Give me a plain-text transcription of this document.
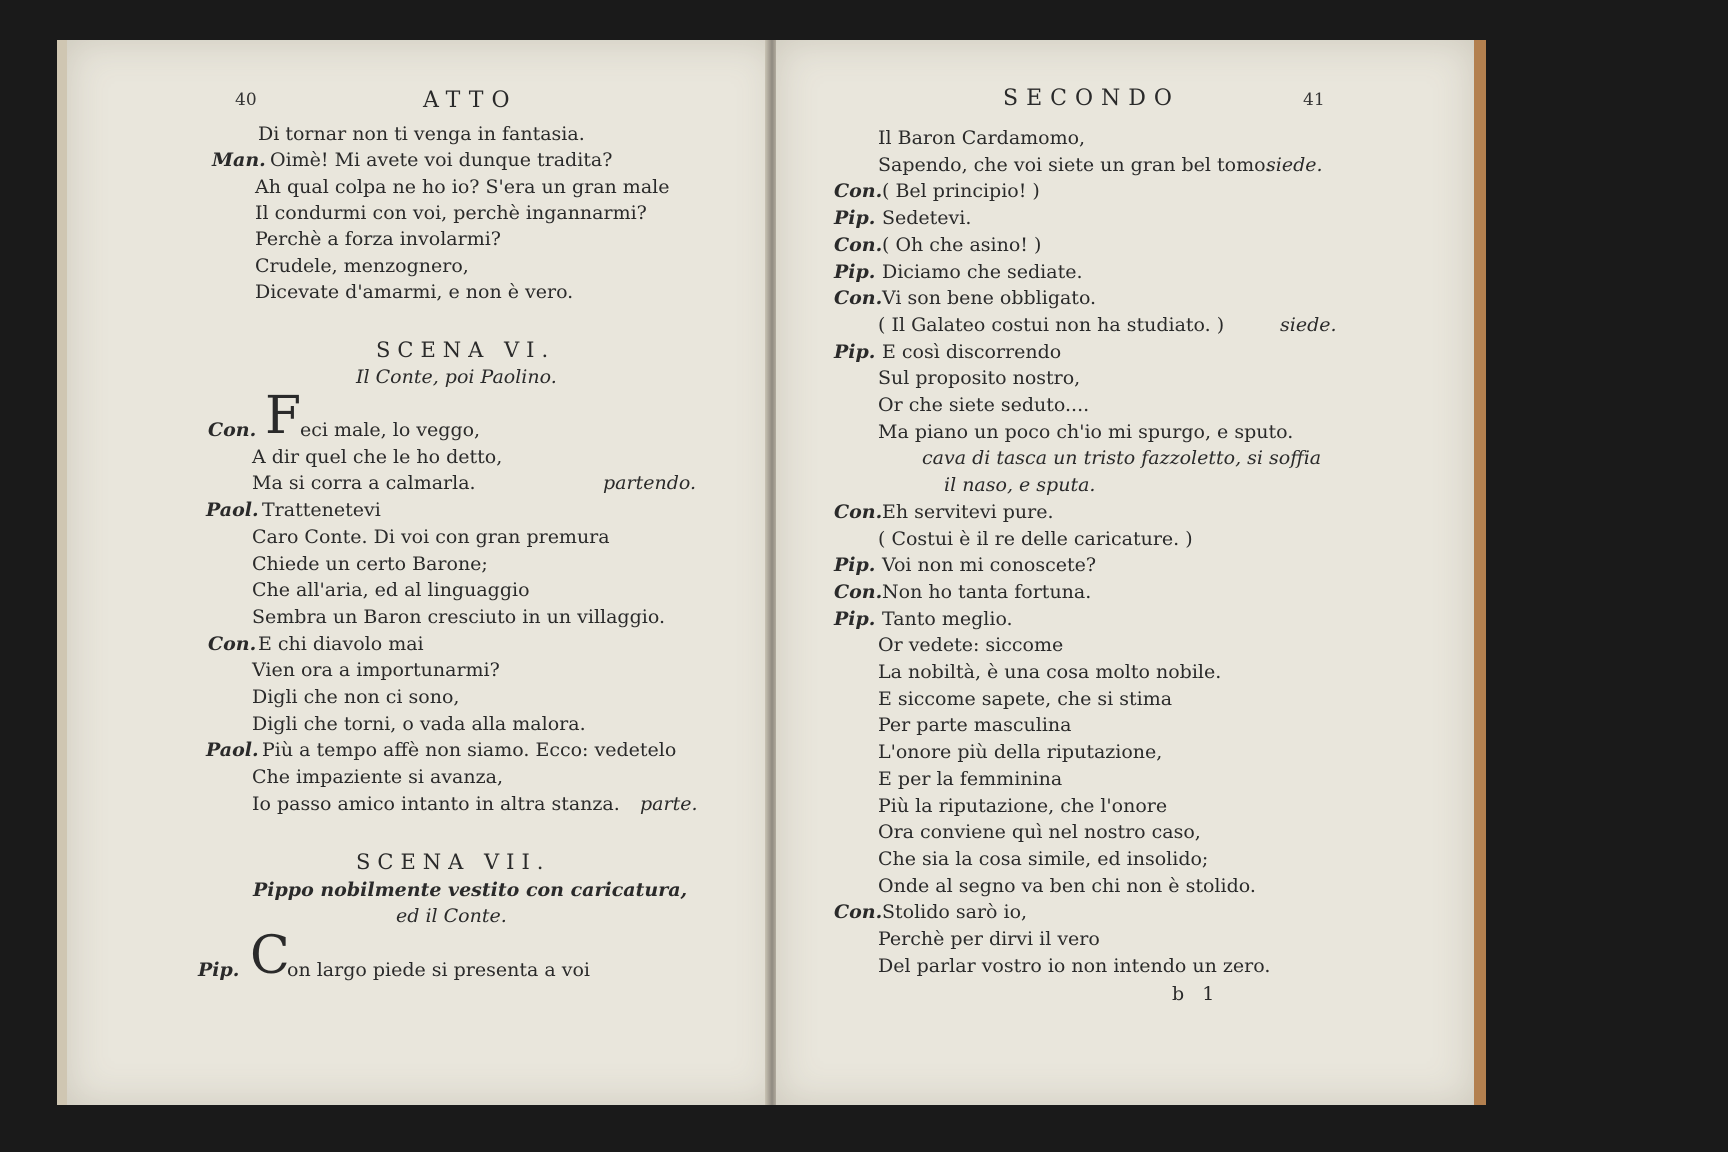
40	ATTO
Di tornar non ti venga in fantasia.
Man. Oimè! Mi avete voi dunque tradita?
Ah qual colpa ne ho io? S'era un gran male
Il condurmi con voi, perchè ingannarmi?
Perchè a forza involarmi?
Crudele, menzognero,
Dicevate d'amarmi, e non è vero.
SCENA VI.
Il Conte, poi Paolino.
Con. F
eci male, lo veggo,
A dir quel che le ho detto,
Ma si corra a calmarla.	partendo.
Paol. Trattenetevi
Caro Conte. Di voi con gran premura
Chiede un certo Barone;
Che all'aria, ed al linguaggio
Sembra un Baron cresciuto in un villaggio.
Con. E chi diavolo mai
Vien ora a importunarmi?
Digli che non ci sono,
Digli che torni, o vada alla malora.
Paol. Più a tempo affè non siamo. Ecco: vedetelo
Che impaziente si avanza,
Io passo amico intanto in altra stanza. parte.
SCENA VII.
Pippo nobilmente vestito con caricatura,
ed il Conte.
Pip. C
on largo piede si presenta a voi
SECONDO	41
Il Baron Cardamomo,
Sapendo, che voi siete un gran bel tomo.
siede.
Con. ( Bel principio! )
Pip. Sedetevi.
Con. ( Oh che asino! )
Pip. Diciamo che sediate.
Con. Vi son bene obbligato.
( Il Galateo costui non ha studiato. )	siede.
Pip. E così discorrendo
Sul proposito nostro,
Or che siete seduto....
Ma piano un poco ch'io mi spurgo, e sputo.
cava di tasca un tristo fazzoletto, si soffia
il naso, e sputa.
Con. Eh servitevi pure.
( Costui è il re delle caricature. )
Pip. Voi non mi conoscete?
Con. Non ho tanta fortuna.
Pip. Tanto meglio.
Or vedete: siccome
La nobiltà, è una cosa molto nobile.
E siccome sapete, che si stima
Per parte masculina
L'onore più della riputazione,
E per la femminina
Più la riputazione, che l'onore
Ora conviene quì nel nostro caso,
Che sia la cosa simile, ed insolido;
Onde al segno va ben chi non è stolido.
Con. Stolido sarò io,
Perchè per dirvi il vero
Del parlar vostro io non intendo un zero.
b 1
